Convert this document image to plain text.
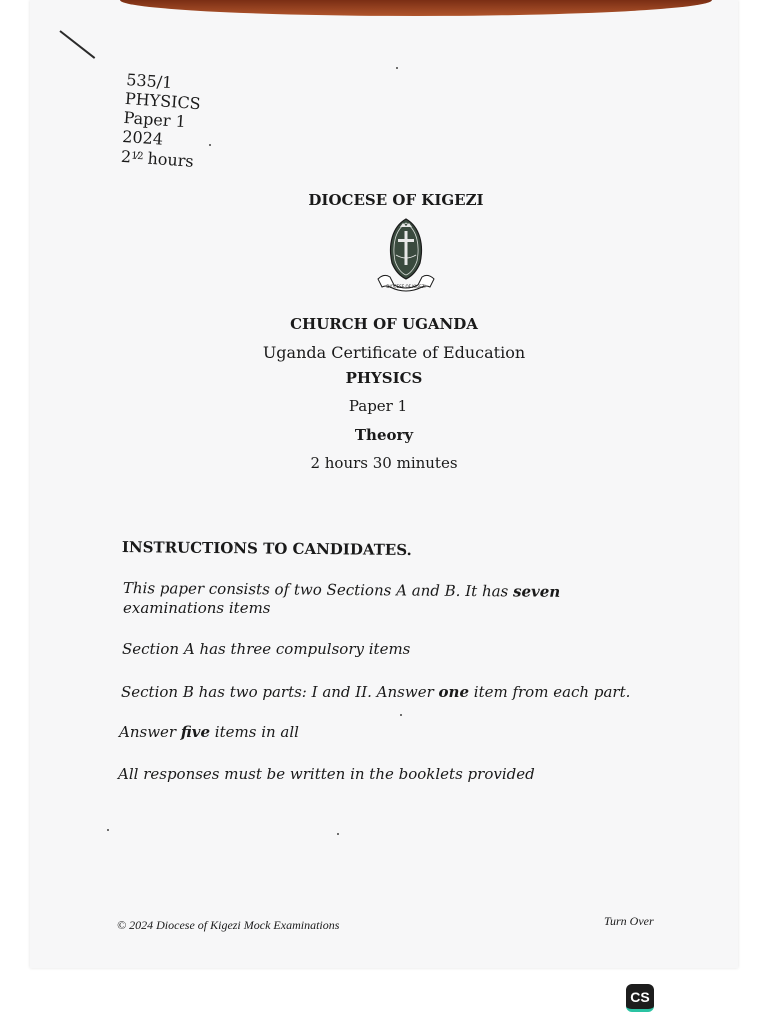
535/1
PHYSICS
Paper 1
2024
$2^{1⁄2}$ hours
DIOCESE OF KIGEZI
DIOCESE OF KIGEZI
CHURCH OF UGANDA
Uganda Certificate of Education
PHYSICS
Paper 1
Theory
2 hours 30 minutes
INSTRUCTIONS TO CANDIDATES.
This paper consists of two Sections A and B. It has seven
examinations items
Section A has three compulsory items
Section B has two parts: I and II. Answer one item from each part.
Answer five items in all
All responses must be written in the booklets provided
© 2024 Diocese of Kigezi Mock Examinations	Turn Over
CS
